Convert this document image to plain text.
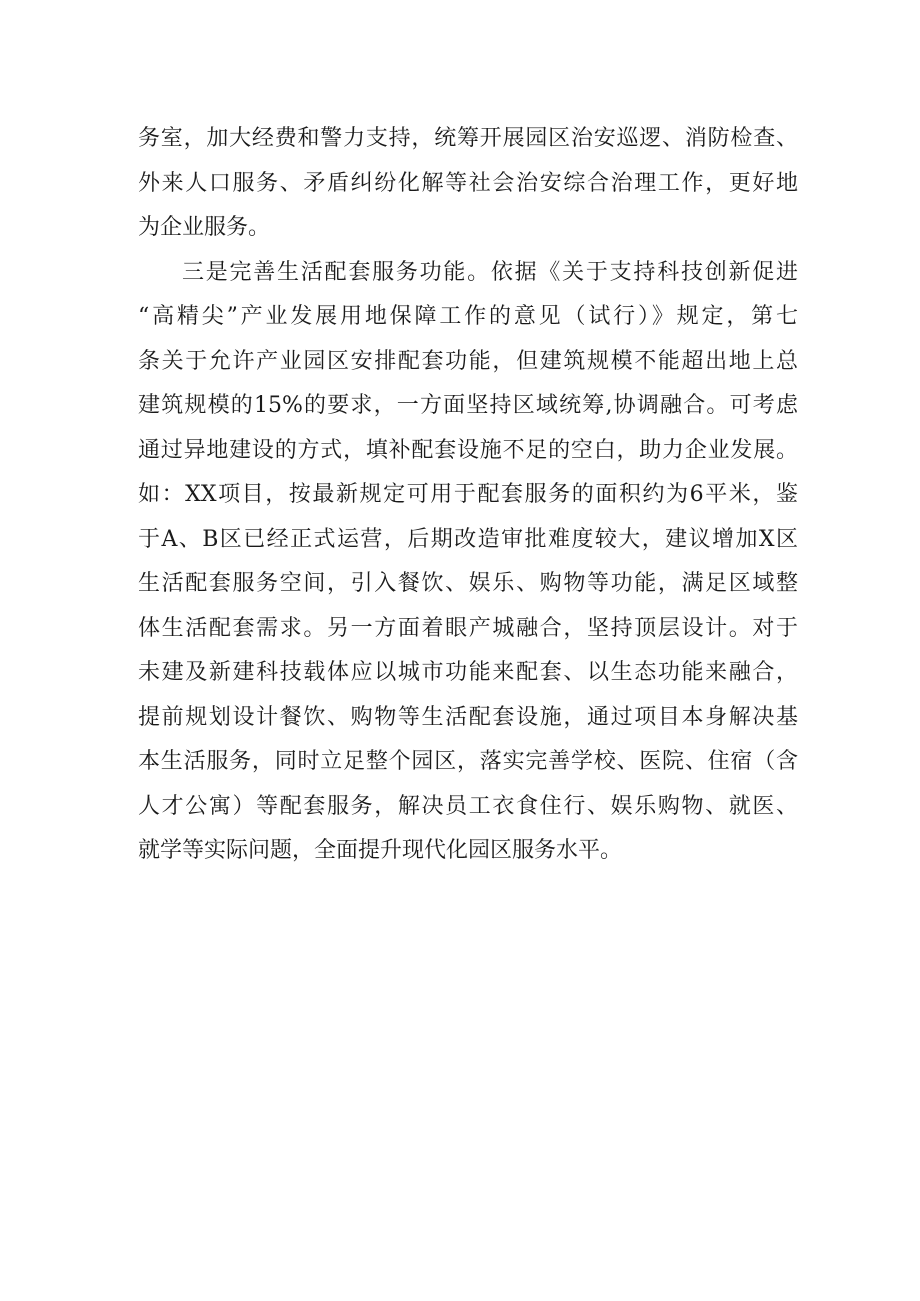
务室，加大经费和警力支持，统筹开展园区治安巡逻、消防检查、
外来人口服务、矛盾纠纷化解等社会治安综合治理工作，更好地
为企业服务。
三是完善生活配套服务功能。依据《关于支持科技创新促进
“高精尖”产业发展用地保障工作的意见（试行）》规定，第七
条关于允许产业园区安排配套功能，但建筑规模不能超出地上总
建筑规模的15%的要求，一方面坚持区域统筹,协调融合。可考虑
通过异地建设的方式，填补配套设施不足的空白，助力企业发展。
如：XX项目，按最新规定可用于配套服务的面积约为6平米，鉴
于A、B区已经正式运营，后期改造审批难度较大，建议增加X区
生活配套服务空间，引入餐饮、娱乐、购物等功能，满足区域整
体生活配套需求。另一方面着眼产城融合，坚持顶层设计。对于
未建及新建科技载体应以城市功能来配套、以生态功能来融合，
提前规划设计餐饮、购物等生活配套设施，通过项目本身解决基
本生活服务，同时立足整个园区，落实完善学校、医院、住宿（含
人才公寓）等配套服务，解决员工衣食住行、娱乐购物、就医、
就学等实际问题，全面提升现代化园区服务水平。
